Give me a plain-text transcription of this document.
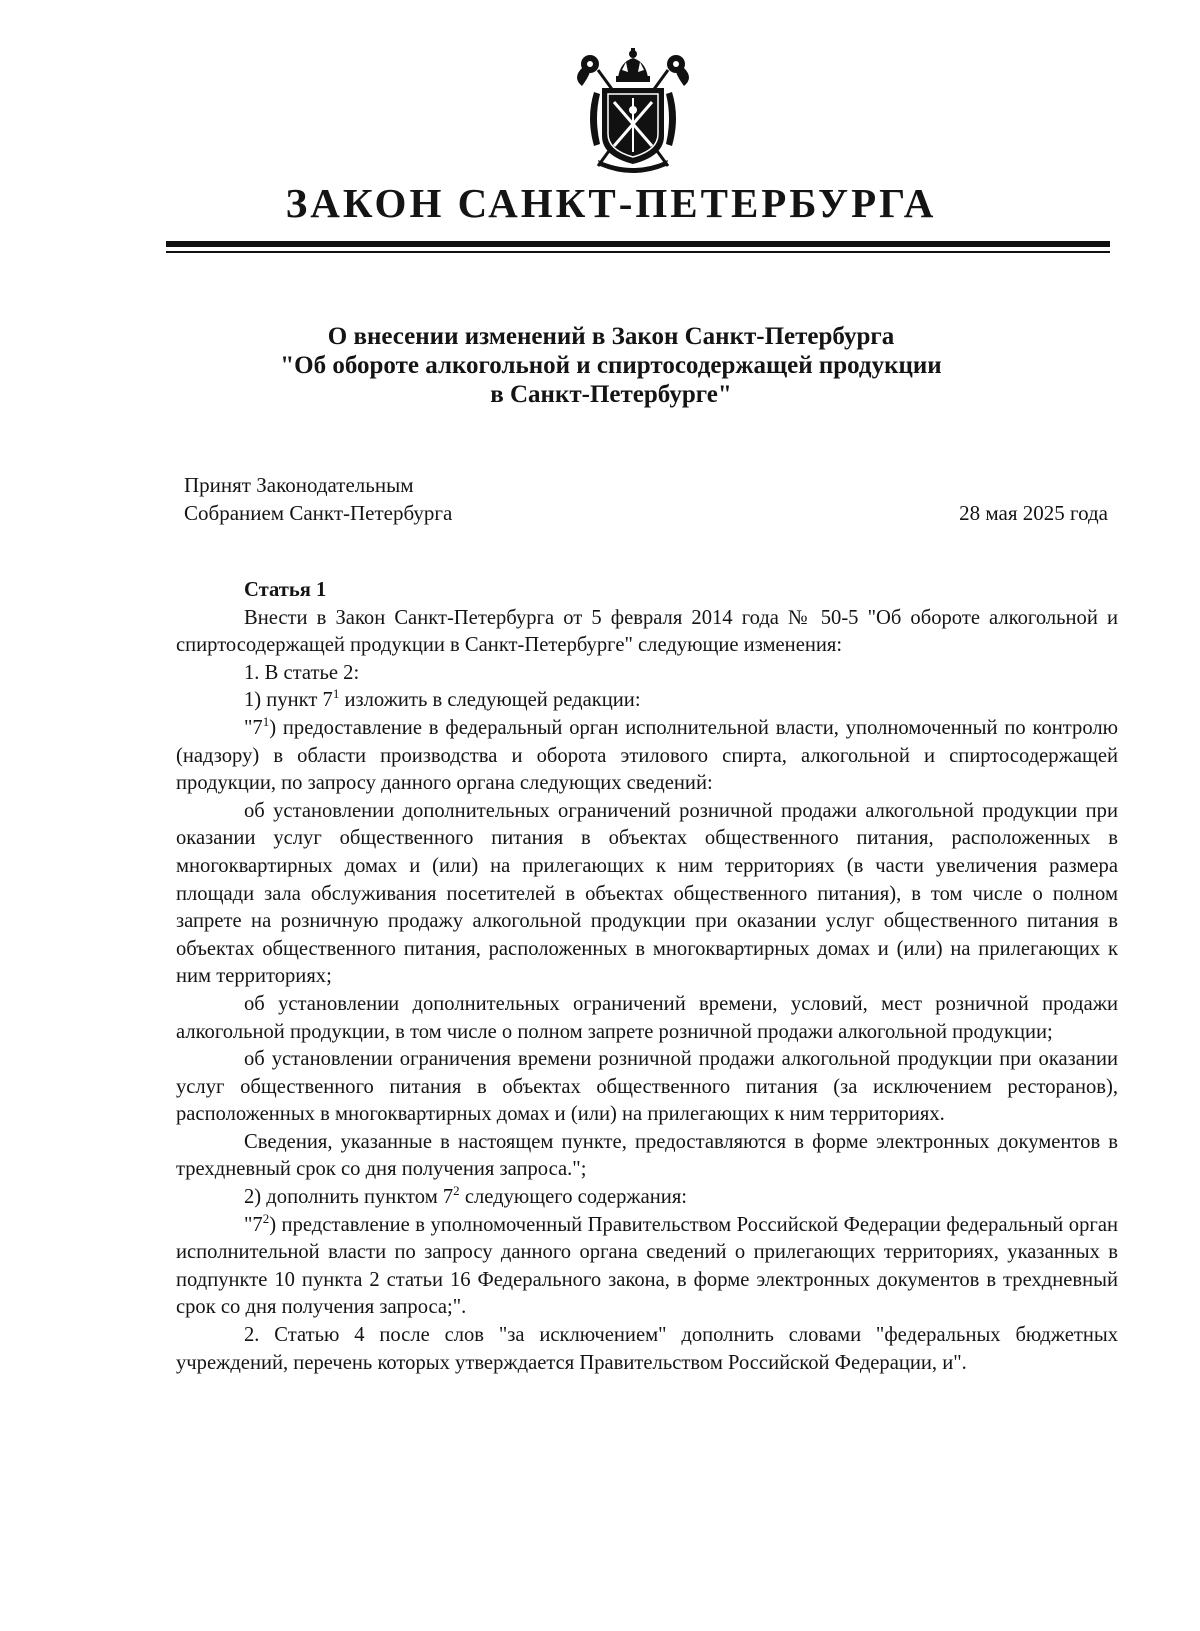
ЗАКОН САНКТ-ПЕТЕРБУРГА
О внесении изменений в Закон Санкт-Петербурга
"Об обороте алкогольной и спиртосодержащей продукции
в Санкт-Петербурге"
Принят Законодательным
Собранием Санкт-Петербурга	28 мая 2025 года

Статья 1

Внести в Закон Санкт-Петербурга от 5 февраля 2014 года № 50-5 "Об обороте алкогольной и спиртосодержащей продукции в Санкт-Петербурге" следующие изменения:

1. В статье 2:

1) пункт $7^1$ изложить в следующей редакции:

"$7^1$) предоставление в федеральный орган исполнительной власти, уполномоченный по контролю (надзору) в области производства и оборота этилового спирта, алкогольной и спиртосодержащей продукции, по запросу данного органа следующих сведений:

об установлении дополнительных ограничений розничной продажи алкогольной продукции при оказании услуг общественного питания в объектах общественного питания, расположенных в многоквартирных домах и (или) на прилегающих к ним территориях (в части увеличения размера площади зала обслуживания посетителей в объектах общественного питания), в том числе о полном запрете на розничную продажу алкогольной продукции при оказании услуг общественного питания в объектах общественного питания, расположенных в многоквартирных домах и (или) на прилегающих к ним территориях;

об установлении дополнительных ограничений времени, условий, мест розничной продажи алкогольной продукции, в том числе о полном запрете розничной продажи алкогольной продукции;

об установлении ограничения времени розничной продажи алкогольной продукции при оказании услуг общественного питания в объектах общественного питания (за исключением ресторанов), расположенных в многоквартирных домах и (или) на прилегающих к ним территориях.

Сведения, указанные в настоящем пункте, предоставляются в форме электронных документов в трехдневный срок со дня получения запроса.";

2) дополнить пунктом $7^2$ следующего содержания:

"$7^2$) представление в уполномоченный Правительством Российской Федерации федеральный орган исполнительной власти по запросу данного органа сведений о прилегающих территориях, указанных в подпункте 10 пункта 2 статьи 16 Федерального закона, в форме электронных документов в трехдневный срок со дня получения запроса;".

2. Статью 4 после слов "за исключением" дополнить словами "федеральных бюджетных учреждений, перечень которых утверждается Правительством Российской Федерации, и".
